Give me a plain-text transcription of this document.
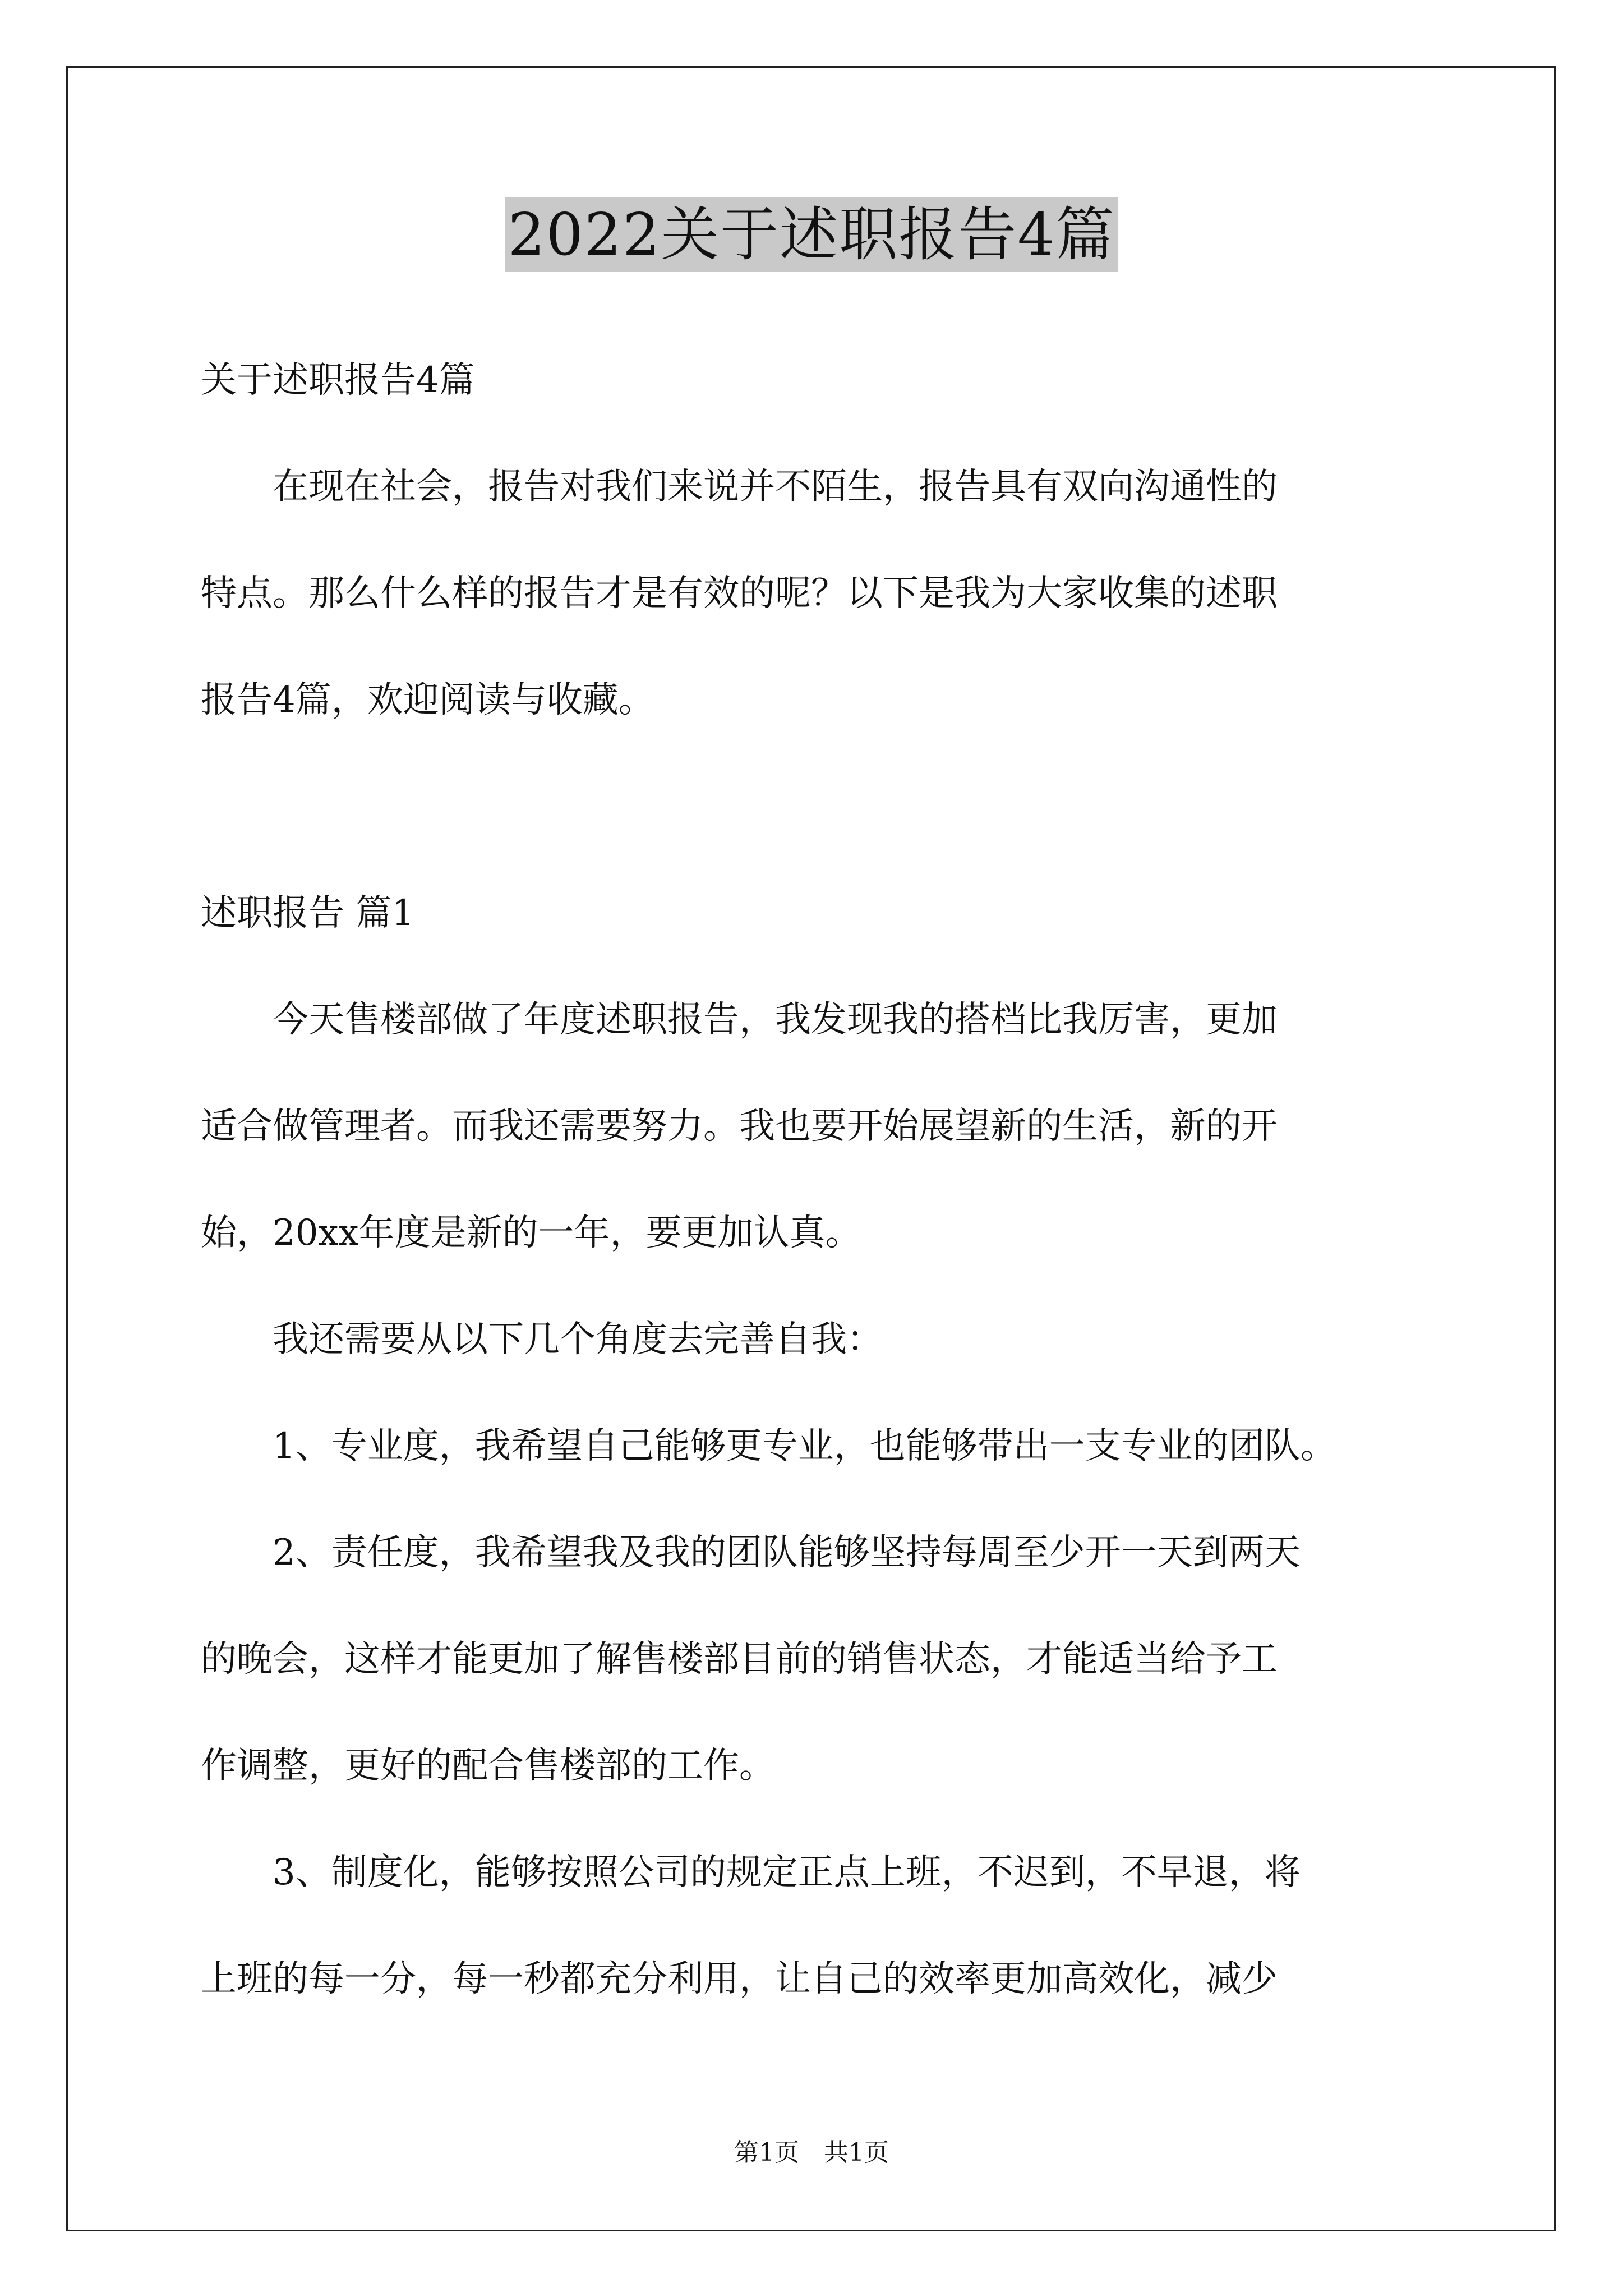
2022关于述职报告4篇
关于述职报告4篇
　　在现在社会，报告对我们来说并不陌生，报告具有双向沟通性的
特点。那么什么样的报告才是有效的呢？以下是我为大家收集的述职
报告4篇，欢迎阅读与收藏。
述职报告 篇1
　　今天售楼部做了年度述职报告，我发现我的搭档比我厉害，更加
适合做管理者。而我还需要努力。我也要开始展望新的生活，新的开
始，20xx年度是新的一年，要更加认真。
　　我还需要从以下几个角度去完善自我：
　　1、专业度，我希望自己能够更专业，也能够带出一支专业的团队。
　　2、责任度，我希望我及我的团队能够坚持每周至少开一天到两天
的晚会，这样才能更加了解售楼部目前的销售状态，才能适当给予工
作调整，更好的配合售楼部的工作。
　　3、制度化，能够按照公司的规定正点上班，不迟到，不早退，将
上班的每一分，每一秒都充分利用，让自己的效率更加高效化，减少
第1页　共1页
